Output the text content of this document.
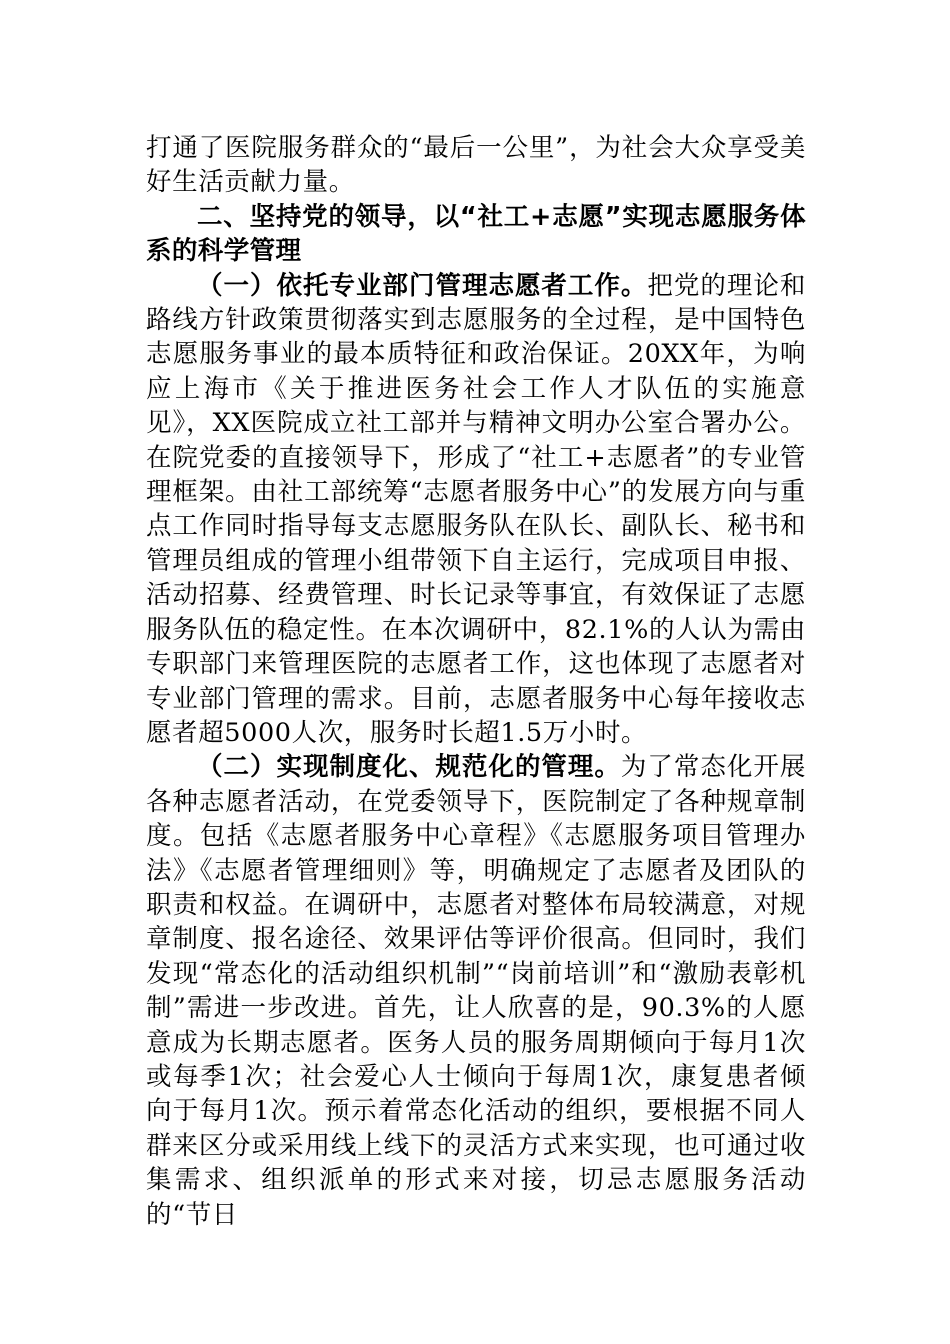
打通了医院服务群众的“最后一公里”，为社会大众享受美好生活贡献力量。

二、坚持党的领导，以“社工+志愿”实现志愿服务体系的科学管理

（一）依托专业部门管理志愿者工作。把党的理论和路线方针政策贯彻落实到志愿服务的全过程，是中国特色志愿服务事业的最本质特征和政治保证。20XX年，为响应上海市《关于推进医务社会工作人才队伍的实施意见》，XX医院成立社工部并与精神文明办公室合署办公。在院党委的直接领导下，形成了“社工+志愿者”的专业管理框架。由社工部统筹“志愿者服务中心”的发展方向与重点工作同时指导每支志愿服务队在队长、副队长、秘书和管理员组成的管理小组带领下自主运行，完成项目申报、活动招募、经费管理、时长记录等事宜，有效保证了志愿服务队伍的稳定性。在本次调研中，82.1%的人认为需由专职部门来管理医院的志愿者工作，这也体现了志愿者对专业部门管理的需求。目前，志愿者服务中心每年接收志愿者超5000人次，服务时长超1.5万小时。

（二）实现制度化、规范化的管理。为了常态化开展各种志愿者活动，在党委领导下，医院制定了各种规章制度。包括《志愿者服务中心章程》《志愿服务项目管理办法》《志愿者管理细则》等，明确规定了志愿者及团队的职责和权益。在调研中，志愿者对整体布局较满意，对规章制度、报名途径、效果评估等评价很高。但同时，我们发现“常态化的活动组织机制”“岗前培训”和“激励表彰机制”需进一步改进。首先，让人欣喜的是，90.3%的人愿意成为长期志愿者。医务人员的服务周期倾向于每月1次或每季1次；社会爱心人士倾向于每周1次，康复患者倾向于每月1次。预示着常态化活动的组织，要根据不同人群来区分或采用线上线下的灵活方式来实现，也可通过收集需求、组织派单的形式来对接，切忌志愿服务活动的“节日
